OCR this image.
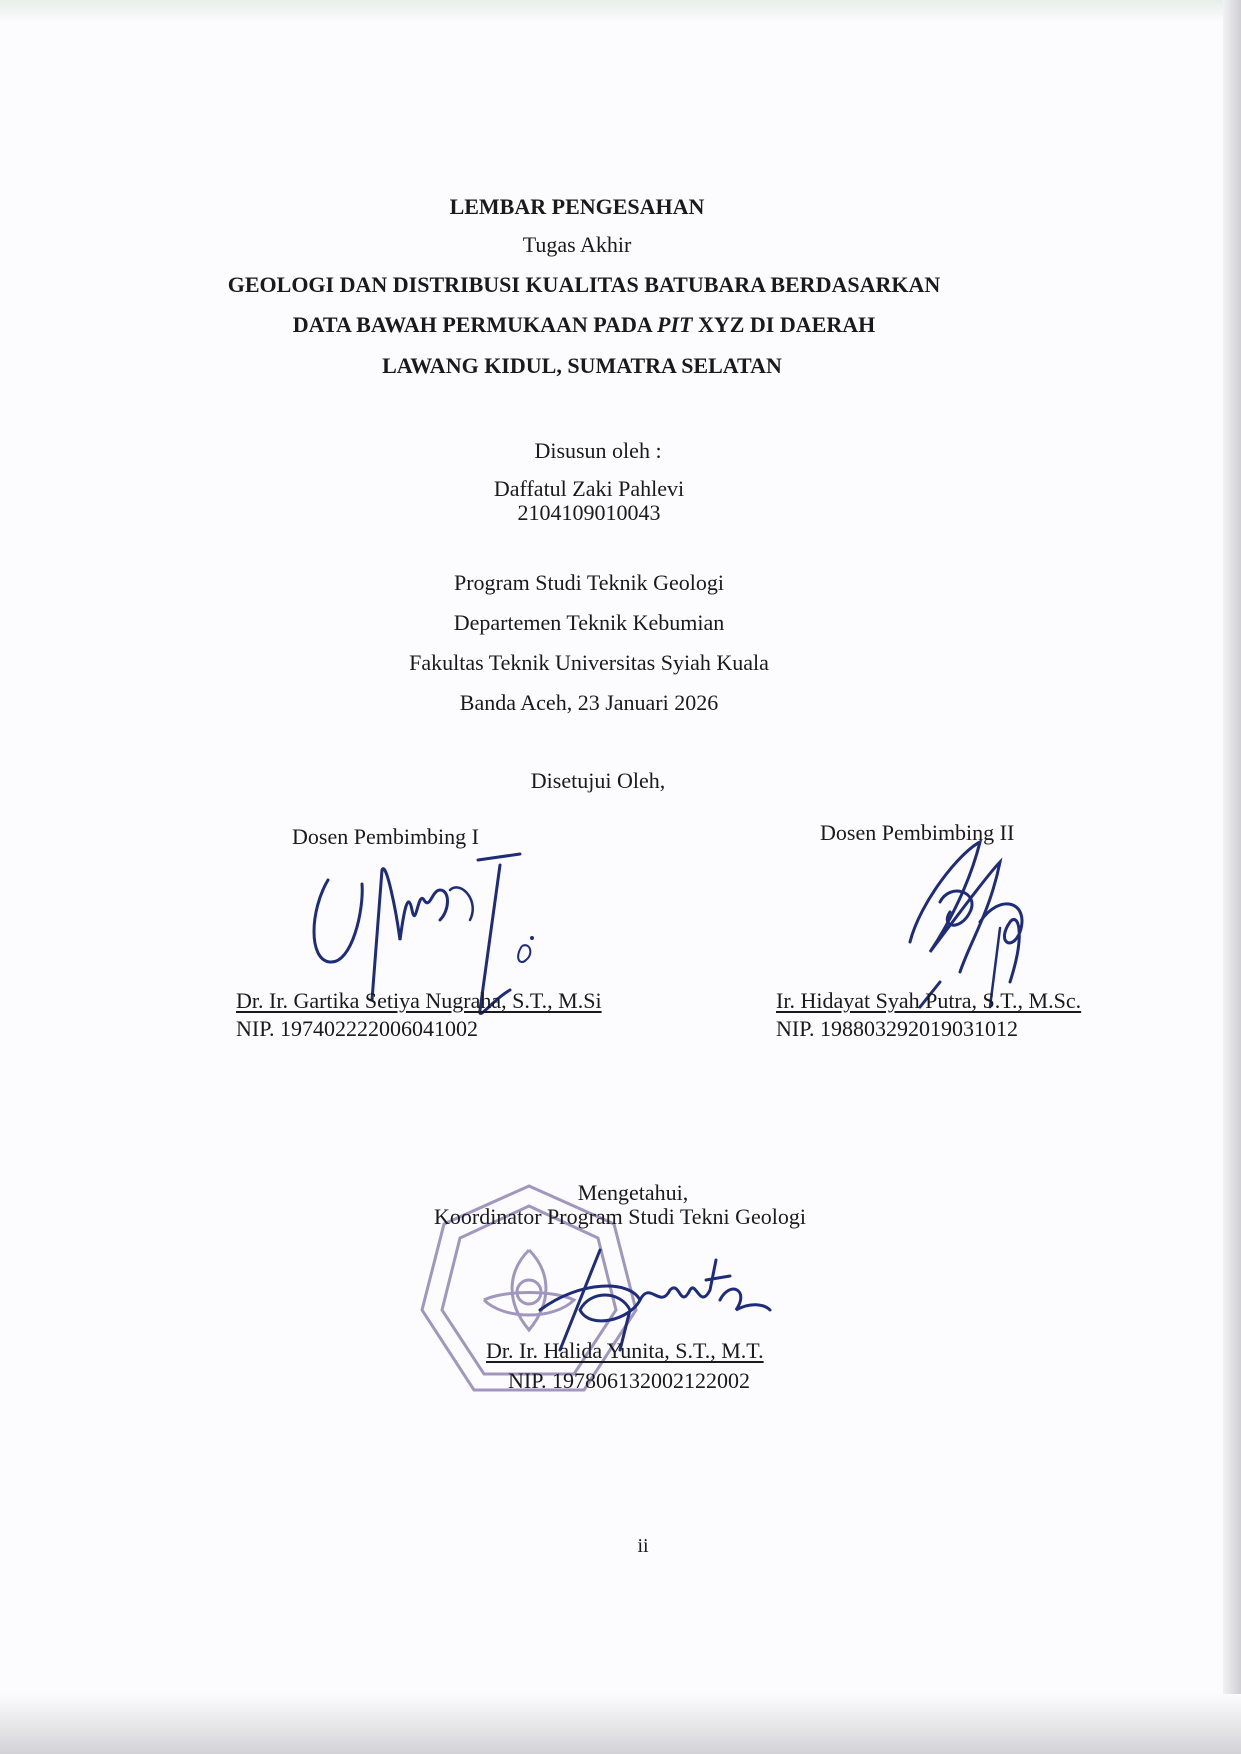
LEMBAR PENGESAHAN
Tugas Akhir
GEOLOGI DAN DISTRIBUSI KUALITAS BATUBARA BERDASARKAN
DATA BAWAH PERMUKAAN PADA PIT XYZ DI DAERAH
LAWANG KIDUL, SUMATRA SELATAN
Disusun oleh :
Daffatul Zaki Pahlevi
2104109010043
Program Studi Teknik Geologi
Departemen Teknik Kebumian
Fakultas Teknik Universitas Syiah Kuala
Banda Aceh, 23 Januari 2026
Disetujui Oleh,
Dosen Pembimbing I	Dosen Pembimbing II
Dr. Ir. Gartika Setiya Nugraha, S.T., M.Si
NIP. 197402222006041002
Ir. Hidayat Syah Putra, S.T., M.Sc.
NIP. 198803292019031012
Mengetahui,
Koordinator Program Studi Tekni Geologi
Dr. Ir. Halida Yunita, S.T., M.T.
NIP. 197806132002122002
ii
